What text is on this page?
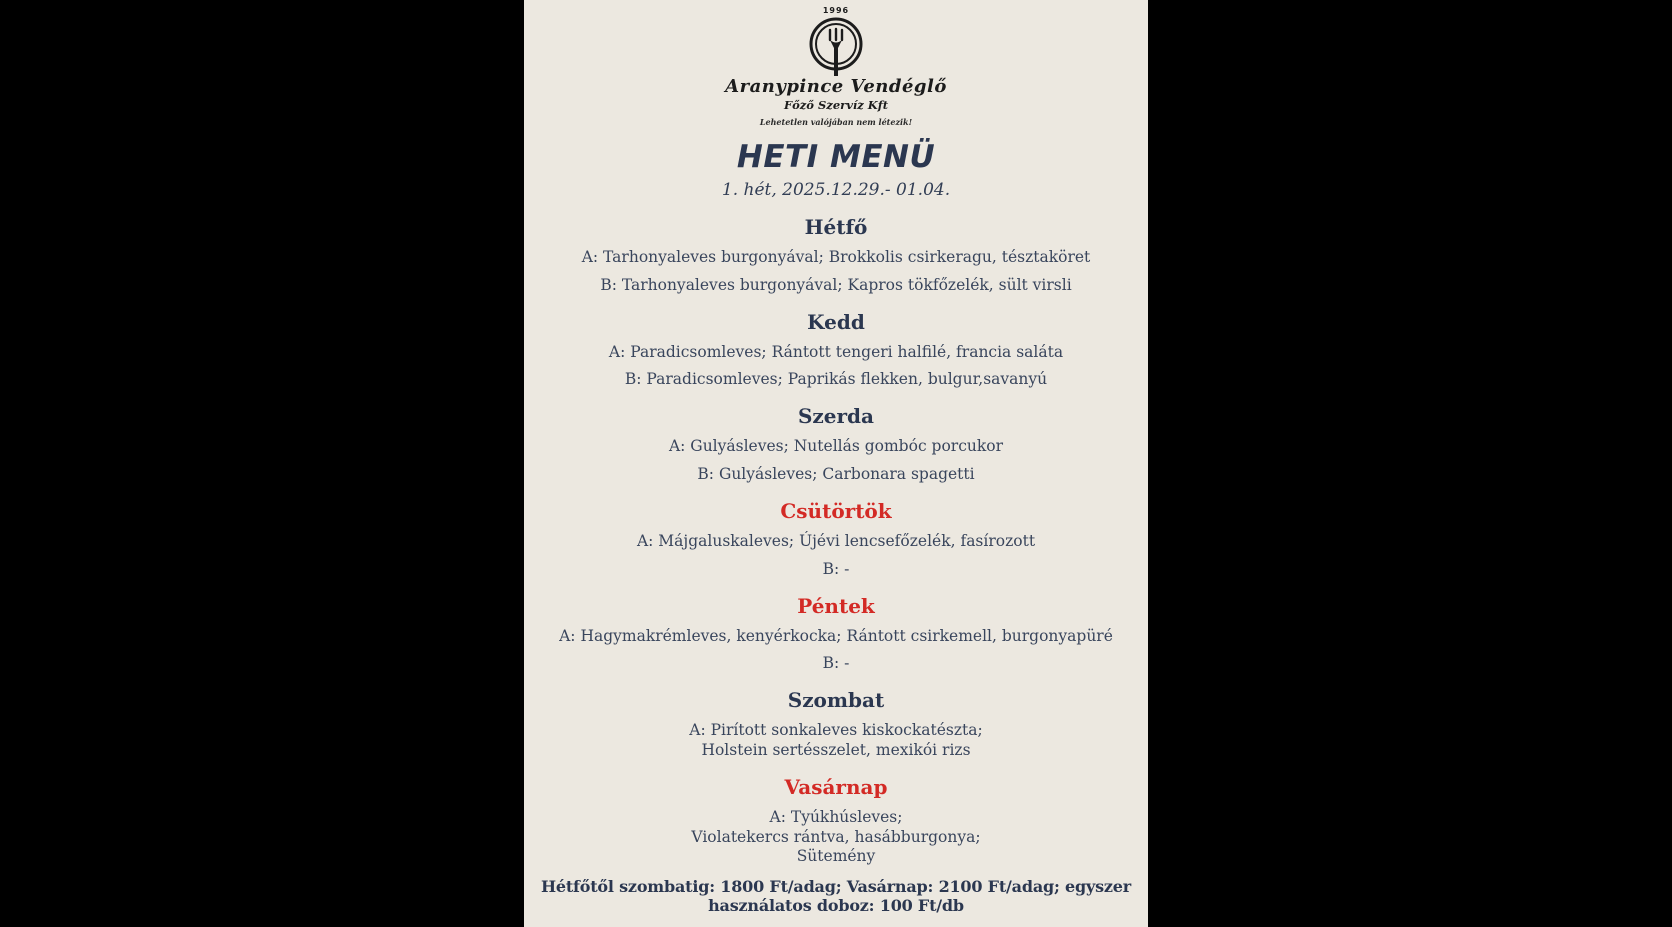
1996
Aranypince Vendéglő
Főző Szervíz Kft
Lehetetlen valójában nem létezik!
HETI MENÜ
1. hét, 2025.12.29.- 01.04.
Hétfő
A: Tarhonyaleves burgonyával; Brokkolis csirkeragu, tésztaköret
B: Tarhonyaleves burgonyával; Kapros tökfőzelék, sült virsli
Kedd
A: Paradicsomleves; Rántott tengeri halfilé, francia saláta
B: Paradicsomleves; Paprikás flekken, bulgur,savanyú
Szerda
A: Gulyásleves; Nutellás gombóc porcukor
B: Gulyásleves; Carbonara spagetti
Csütörtök
A: Májgaluskaleves; Újévi lencsefőzelék, fasírozott
B: -
Péntek
A: Hagymakrémleves, kenyérkocka; Rántott csirkemell, burgonyapüré
B: -
Szombat
A: Pirított sonkaleves kiskockatészta;
Holstein sertésszelet, mexikói rizs
Vasárnap
A: Tyúkhúsleves;
Violatekercs rántva, hasábburgonya;
Sütemény
Hétfőtől szombatig: 1800 Ft/adag; Vasárnap: 2100 Ft/adag; egyszer használatos doboz: 100 Ft/db
